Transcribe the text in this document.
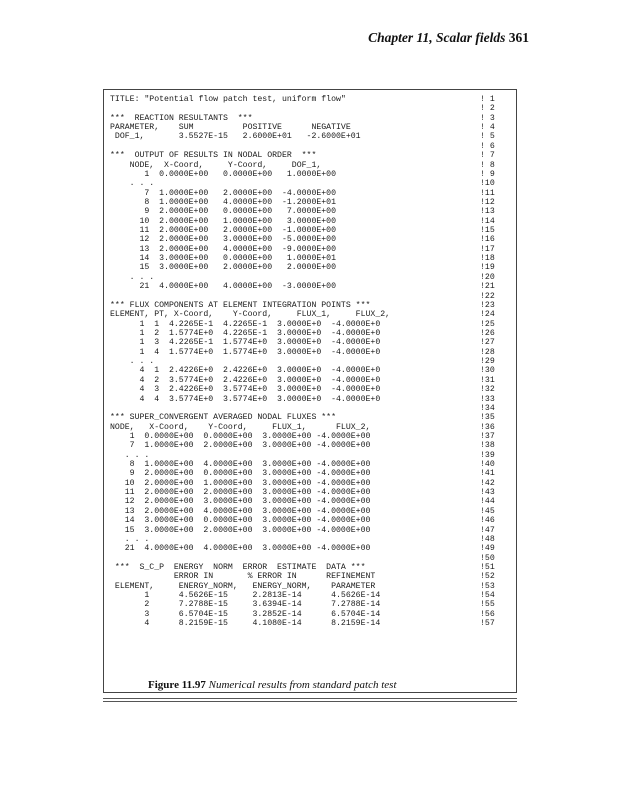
Chapter 11, Scalar fields 361
TITLE: "Potential flow patch test, uniform flow"	! 1
! 2
***  REACTION RESULTANTS  ***	! 3
PARAMETER,    SUM          POSITIVE      NEGATIVE	! 4
DOF_1,       3.5527E-15   2.6000E+01   -2.6000E+01	! 5
! 6
***  OUTPUT OF RESULTS IN NODAL ORDER  ***	! 7
NODE,  X-Coord,     Y-Coord,     DOF_1,	! 8
1  0.0000E+00   0.0000E+00   1.0000E+00	! 9
. . .	!10
7  1.0000E+00   2.0000E+00  -4.0000E+00	!11
8  1.0000E+00   4.0000E+00  -1.2000E+01	!12
9  2.0000E+00   0.0000E+00   7.0000E+00	!13
10  2.0000E+00   1.0000E+00   3.0000E+00	!14
11  2.0000E+00   2.0000E+00  -1.0000E+00	!15
12  2.0000E+00   3.0000E+00  -5.0000E+00	!16
13  2.0000E+00   4.0000E+00  -9.0000E+00	!17
14  3.0000E+00   0.0000E+00   1.0000E+01	!18
15  3.0000E+00   2.0000E+00   2.0000E+00	!19
. . .	!20
21  4.0000E+00   4.0000E+00  -3.0000E+00	!21
!22
*** FLUX COMPONENTS AT ELEMENT INTEGRATION POINTS ***	!23
ELEMENT, PT, X-Coord,    Y-Coord,     FLUX_1,     FLUX_2,	!24
1  1  4.2265E-1  4.2265E-1  3.0000E+0  -4.0000E+0	!25
1  2  1.5774E+0  4.2265E-1  3.0000E+0  -4.0000E+0	!26
1  3  4.2265E-1  1.5774E+0  3.0000E+0  -4.0000E+0	!27
1  4  1.5774E+0  1.5774E+0  3.0000E+0  -4.0000E+0	!28
. . .	!29
4  1  2.4226E+0  2.4226E+0  3.0000E+0  -4.0000E+0	!30
4  2  3.5774E+0  2.4226E+0  3.0000E+0  -4.0000E+0	!31
4  3  2.4226E+0  3.5774E+0  3.0000E+0  -4.0000E+0	!32
4  4  3.5774E+0  3.5774E+0  3.0000E+0  -4.0000E+0	!33
!34
*** SUPER_CONVERGENT AVERAGED NODAL FLUXES ***	!35
NODE,   X-Coord,    Y-Coord,     FLUX_1,      FLUX_2,	!36
1  0.0000E+00  0.0000E+00  3.0000E+00 -4.0000E+00	!37
7  1.0000E+00  2.0000E+00  3.0000E+00 -4.0000E+00	!38
. . .	!39
8  1.0000E+00  4.0000E+00  3.0000E+00 -4.0000E+00	!40
9  2.0000E+00  0.0000E+00  3.0000E+00 -4.0000E+00	!41
10  2.0000E+00  1.0000E+00  3.0000E+00 -4.0000E+00	!42
11  2.0000E+00  2.0000E+00  3.0000E+00 -4.0000E+00	!43
12  2.0000E+00  3.0000E+00  3.0000E+00 -4.0000E+00	!44
13  2.0000E+00  4.0000E+00  3.0000E+00 -4.0000E+00	!45
14  3.0000E+00  0.0000E+00  3.0000E+00 -4.0000E+00	!46
15  3.0000E+00  2.0000E+00  3.0000E+00 -4.0000E+00	!47
. . .	!48
21  4.0000E+00  4.0000E+00  3.0000E+00 -4.0000E+00	!49
!50
***  S_C_P  ENERGY  NORM  ERROR  ESTIMATE  DATA ***	!51
ERROR IN       % ERROR IN      REFINEMENT	!52
ELEMENT,     ENERGY_NORM,   ENERGY_NORM,    PARAMETER	!53
1      4.5626E-15     2.2813E-14      4.5626E-14	!54
2      7.2788E-15     3.6394E-14      7.2788E-14	!55
3      6.5704E-15     3.2852E-14      6.5704E-14	!56
4      8.2159E-15     4.1080E-14      8.2159E-14	!57
Figure 11.97 Numerical results from standard patch test
